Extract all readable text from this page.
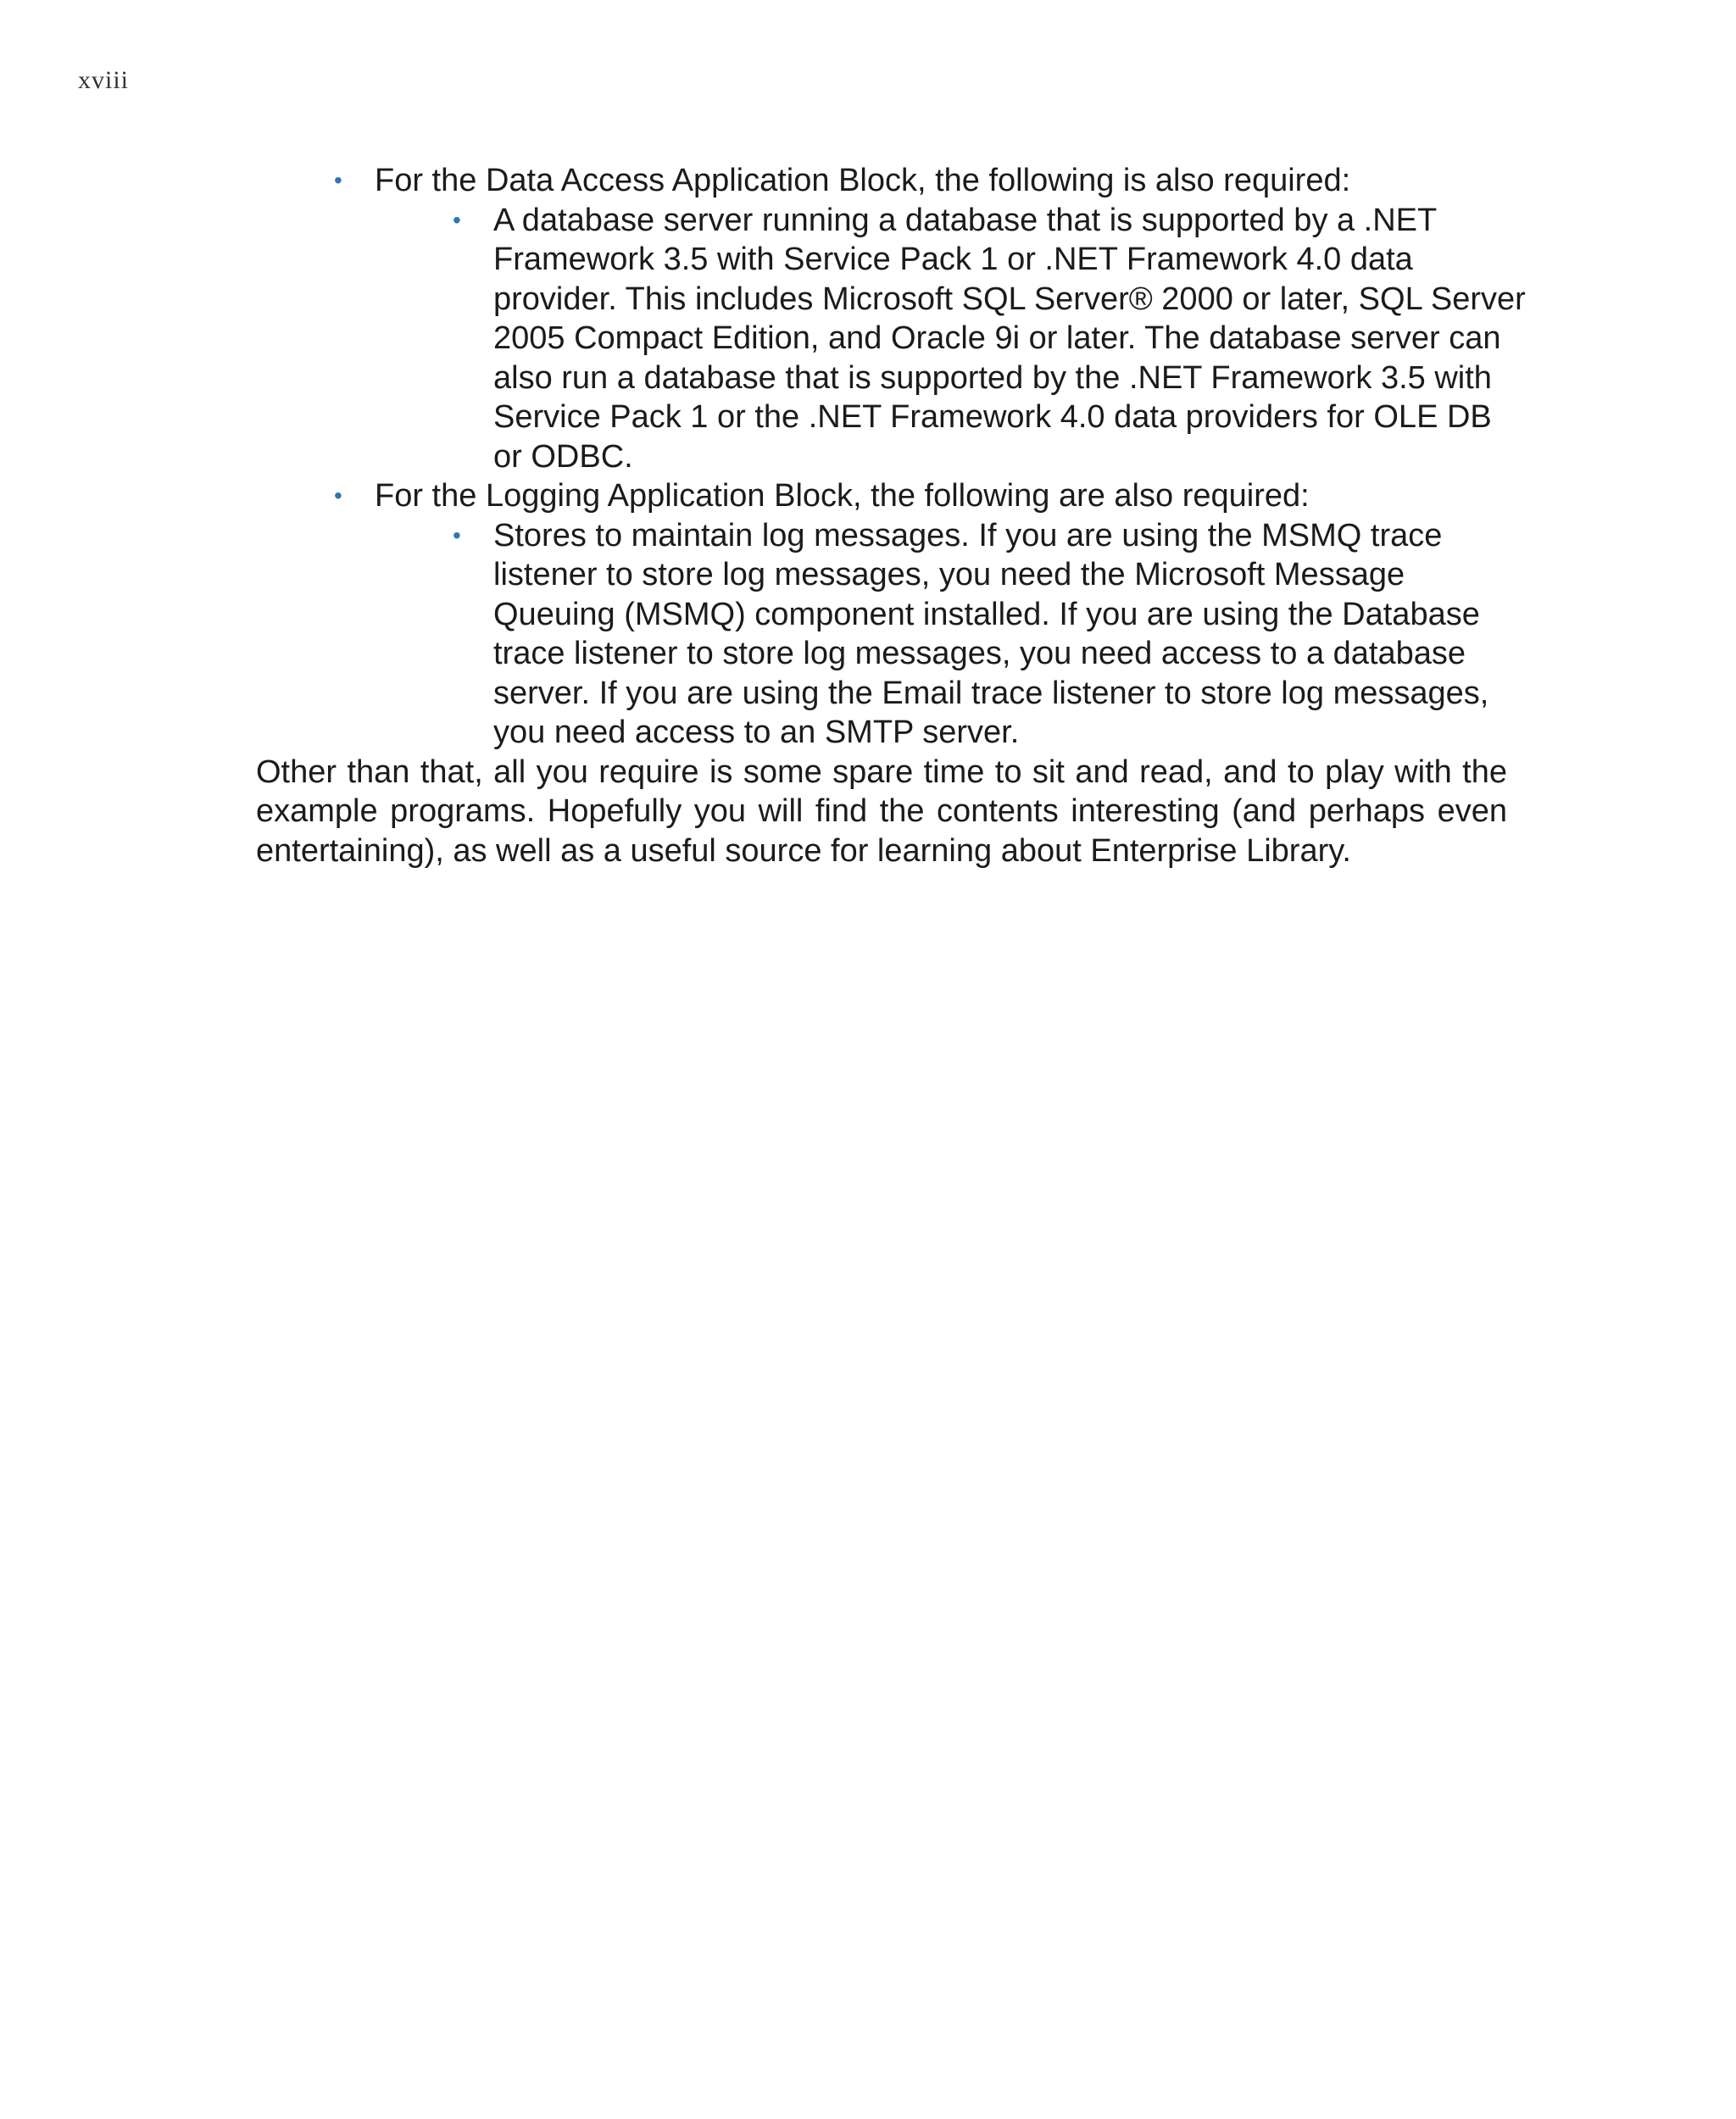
xviii
• For the Data Access Application Block, the following is also required:
• A database server running a database that is supported by a .NET Framework 3.5 with Service Pack 1 or .NET Framework 4.0 data provider. This includes Microsoft SQL Server® 2000 or later, SQL Server 2005 Compact Edition, and Oracle 9i or later. The database server can also run a database that is supported by the .NET Framework 3.5 with Service Pack 1 or the .NET Framework 4.0 data providers for OLE DB or ODBC.
• For the Logging Application Block, the following are also required:
• Stores to maintain log messages. If you are using the MSMQ trace listener to store log messages, you need the Microsoft Message Queuing (MSMQ) component installed. If you are using the Database trace listener to store log messages, you need access to a database server. If you are using the Email trace listener to store log messages, you need access to an SMTP server.

Other than that, all you require is some spare time to sit and read, and to play with the example programs. Hopefully you will find the contents interesting (and perhaps even entertaining), as well as a useful source for learning about Enterprise Library.
